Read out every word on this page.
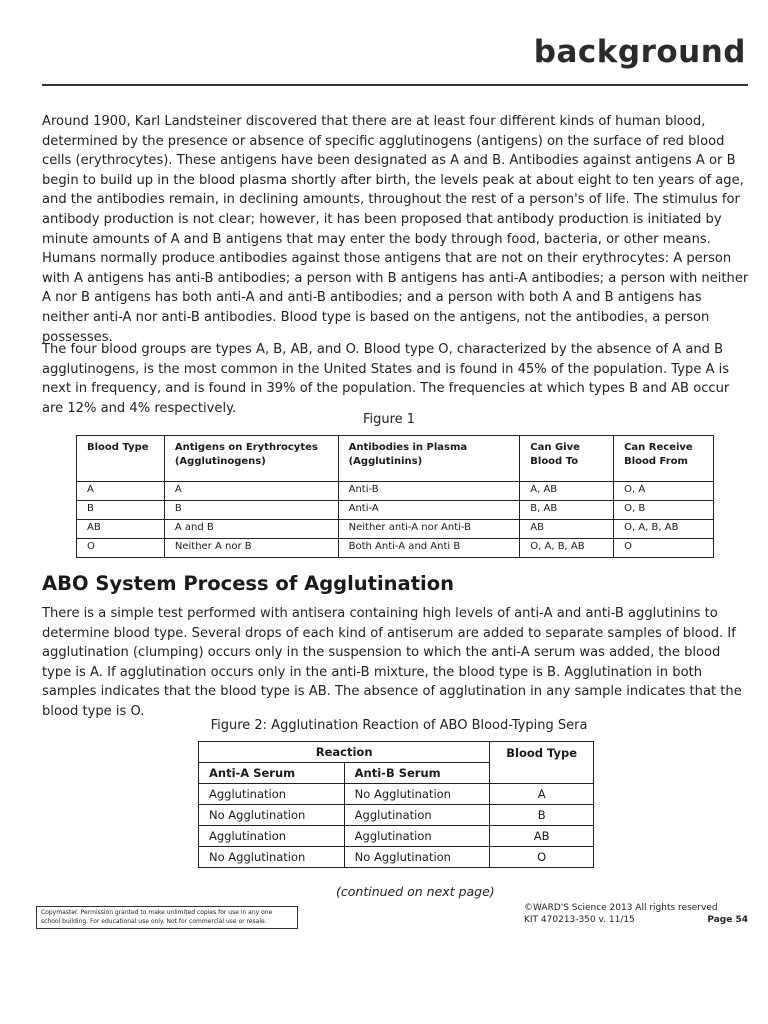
background

Around 1900, Karl Landsteiner discovered that there are at least four different kinds of human blood, determined by the presence or absence of specific agglutinogens (antigens) on the surface of red blood cells (erythrocytes). These antigens have been designated as A and B. Antibodies against antigens A or B begin to build up in the blood plasma shortly after birth, the levels peak at about eight to ten years of age, and the antibodies remain, in declining amounts, throughout the rest of a person's of life. The stimulus for antibody production is not clear; however, it has been proposed that antibody production is initiated by minute amounts of A and B antigens that may enter the body through food, bacteria, or other means. Humans normally produce antibodies against those antigens that are not on their erythrocytes: A person with A antigens has anti-B antibodies; a person with B antigens has anti-A antibodies; a person with neither A nor B antigens has both anti-A and anti-B antibodies; and a person with both A and B antigens has neither anti-A nor anti-B antibodies. Blood type is based on the antigens, not the antibodies, a person possesses.

The four blood groups are types A, B, AB, and O. Blood type O, characterized by the absence of A and B agglutinogens, is the most common in the United States and is found in 45% of the population. Type A is next in frequency, and is found in 39% of the population. The frequencies at which types B and AB occur are 12% and 4% respectively.

Figure 1
Blood Type	Antigens on Erythrocytes (Agglutinogens)	Antibodies in Plasma (Agglutinins)	Can Give Blood To	Can Receive Blood From
A	A	Anti-B	A, AB	O, A
B	B	Anti-A	B, AB	O, B
AB	A and B	Neither anti-A nor Anti-B	AB	O, A, B, AB
O	Neither A nor B	Both Anti-A and Anti B	O, A, B, AB	O
ABO System Process of Agglutination

There is a simple test performed with antisera containing high levels of anti-A and anti-B agglutinins to determine blood type. Several drops of each kind of antiserum are added to separate samples of blood. If agglutination (clumping) occurs only in the suspension to which the anti-A serum was added, the blood type is A. If agglutination occurs only in the anti-B mixture, the blood type is B. Agglutination in both samples indicates that the blood type is AB. The absence of agglutination in any sample indicates that the blood type is O.

Figure 2: Agglutination Reaction of ABO Blood-Typing Sera
Reaction		Blood Type
Anti-A Serum	Anti-B Serum	
Agglutination	No Agglutination	A
No Agglutination	Agglutination	B
Agglutination	Agglutination	AB
No Agglutination	No Agglutination	O
(continued on next page)
Copymaster. Permission granted to make unlimited copies for use in any one school building. For educational use only. Not for commercial use or resale.
©WARD'S Science 2013 All rights reserved
KIT 470213-350 v. 11/15	Page 54
